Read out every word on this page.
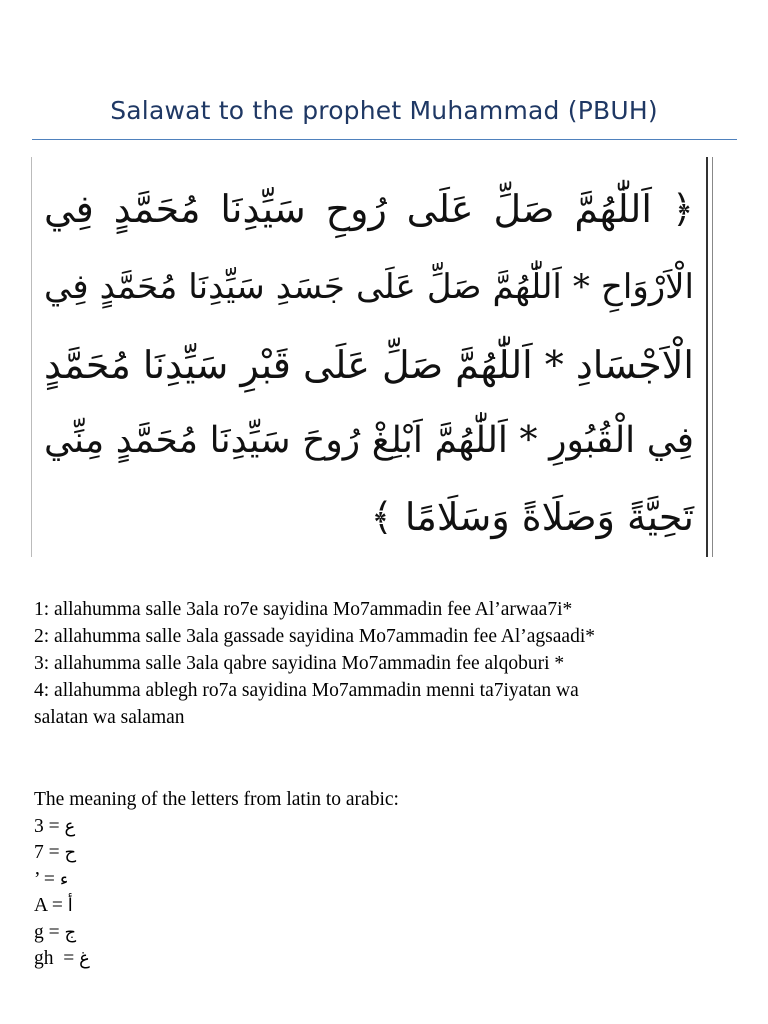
Salawat to the prophet Muhammad (PBUH)
﴿ اَللّٰهُمَّ صَلِّ عَلَى رُوحِ سَيِّدِنَا مُحَمَّدٍ فِي
الْاَرْوَاحِ * اَللّٰهُمَّ صَلِّ عَلَى جَسَدِ سَيِّدِنَا مُحَمَّدٍ فِي
الْاَجْسَادِ * اَللّٰهُمَّ صَلِّ عَلَى قَبْرِ سَيِّدِنَا مُحَمَّدٍ
فِي الْقُبُورِ * اَللّٰهُمَّ اَبْلِغْ رُوحَ سَيِّدِنَا مُحَمَّدٍ مِنِّي
تَحِيَّةً وَصَلَاةً وَسَلَامًا ﴾
1: allahumma salle 3ala ro7e sayidina Mo7ammadin fee Al’arwaa7i*
2: allahumma salle 3ala gassade sayidina Mo7ammadin fee Al’agsaadi*
3: allahumma salle 3ala qabre sayidina Mo7ammadin fee alqoburi *
4: allahumma ablegh ro7a sayidina Mo7ammadin menni ta7iyatan wa
salatan wa salaman
The meaning of the letters from latin to arabic:
3 = ع
7 = ح
’ = ء
A = أ
g = ج
gh  = غ
